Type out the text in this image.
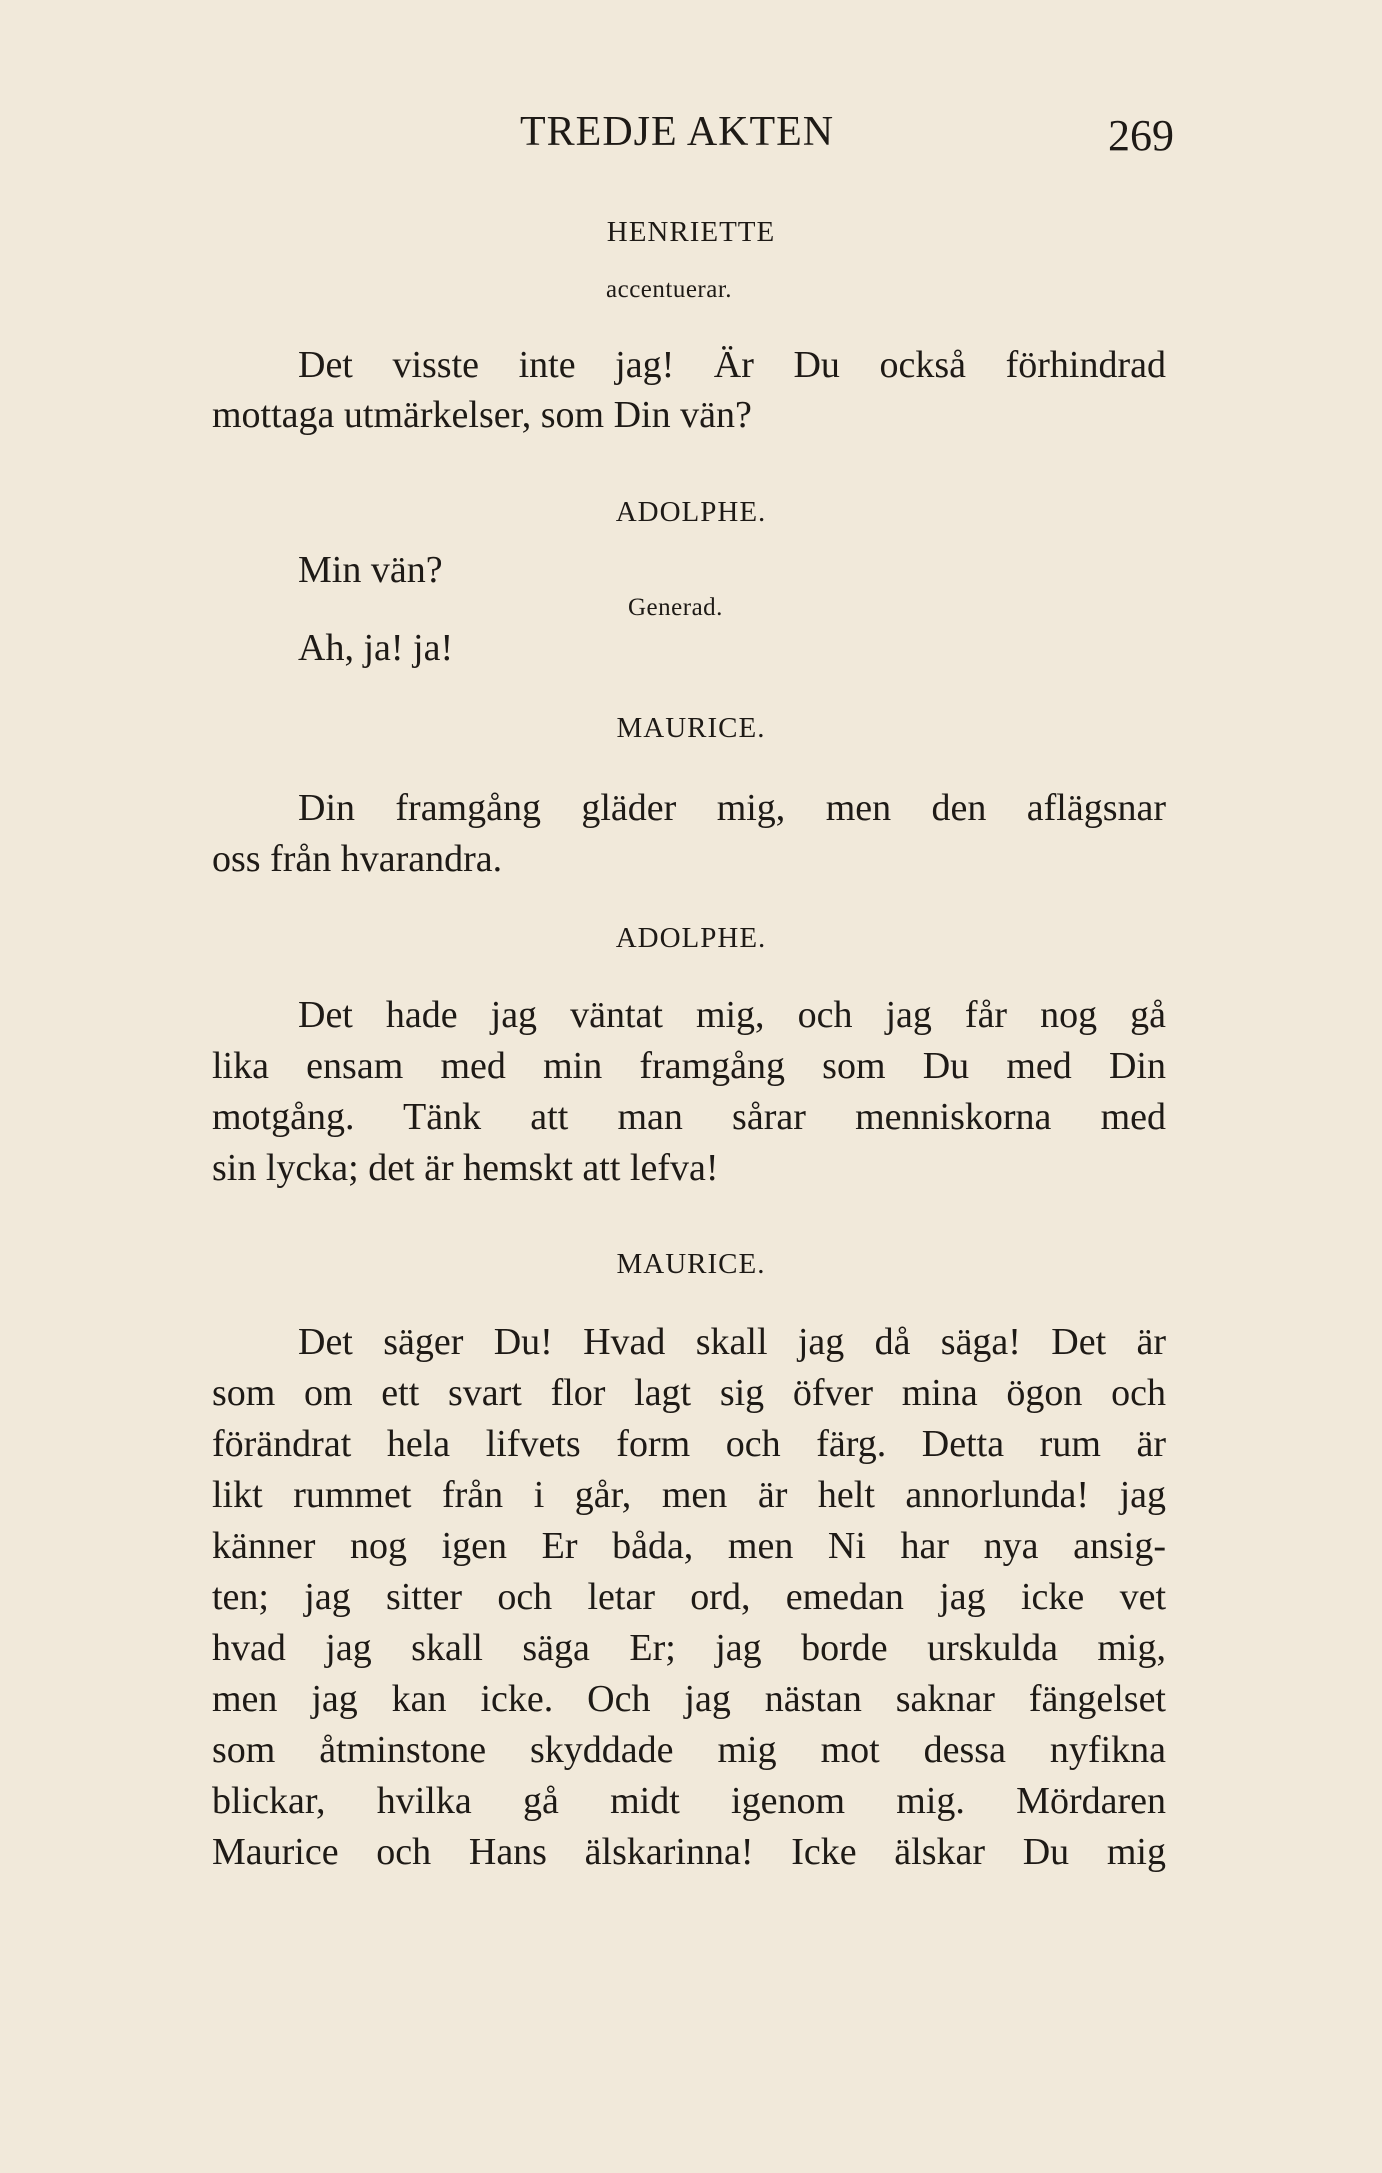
TREDJE AKTEN	269
HENRIETTE
accentuerar.
Det visste inte jag! Är Du också förhindrad
mottaga utmärkelser, som Din vän?
ADOLPHE.
Min vän?
Generad.
Ah, ja! ja!
MAURICE.
Din framgång gläder mig, men den aflägsnar
oss från hvarandra.
ADOLPHE.
Det hade jag väntat mig, och jag får nog gå
lika ensam med min framgång som Du med Din
motgång. Tänk att man sårar menniskorna med
sin lycka; det är hemskt att lefva!
MAURICE.
Det säger Du! Hvad skall jag då säga! Det är
som om ett svart flor lagt sig öfver mina ögon och
förändrat hela lifvets form och färg. Detta rum är
likt rummet från i går, men är helt annorlunda! jag
känner nog igen Er båda, men Ni har nya ansig-
ten; jag sitter och letar ord, emedan jag icke vet
hvad jag skall säga Er; jag borde urskulda mig,
men jag kan icke. Och jag nästan saknar fängelset
som åtminstone skyddade mig mot dessa nyfikna
blickar, hvilka gå midt igenom mig. Mördaren
Maurice och Hans älskarinna! Icke älskar Du mig
